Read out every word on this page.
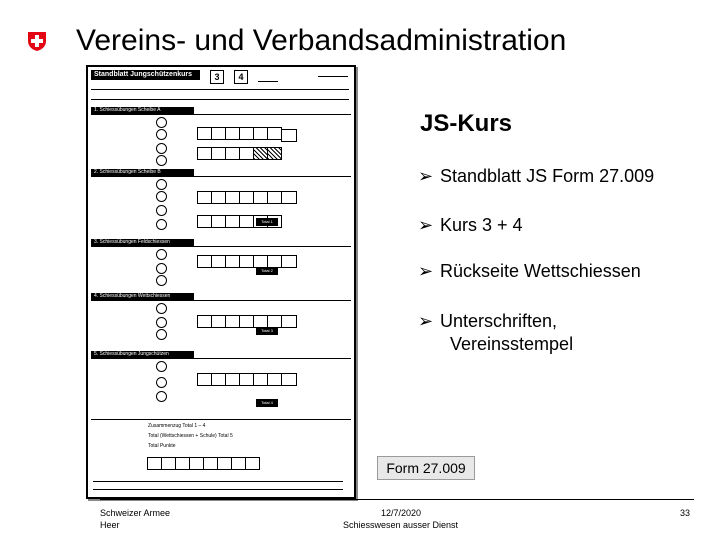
Vereins- und Verbandsadministration
Standblatt Jungschützenkurs	3	4
1. Schiessübungen Scheibe A
2. Schiessübungen Scheibe B
Total 1
3. Schiessübungen Feldschiessen
Total 2
4. Schiessübungen Wettschiessen
Total 3
5. Schiessübungen Jungschützen
Total 4
Zusammenzug Total 1 – 4
Total (Wettschiessen + Schule) Total 5
Total Punkte
JS-Kurs
➢ Standblatt JS Form 27.009
➢ Kurs 3 + 4
➢ Rückseite Wettschiessen
➢ Unterschriften,
Vereinsstempel
Form 27.009
Schweizer Armee
Heer
12/7/2020
Schiesswesen ausser Dienst
33
